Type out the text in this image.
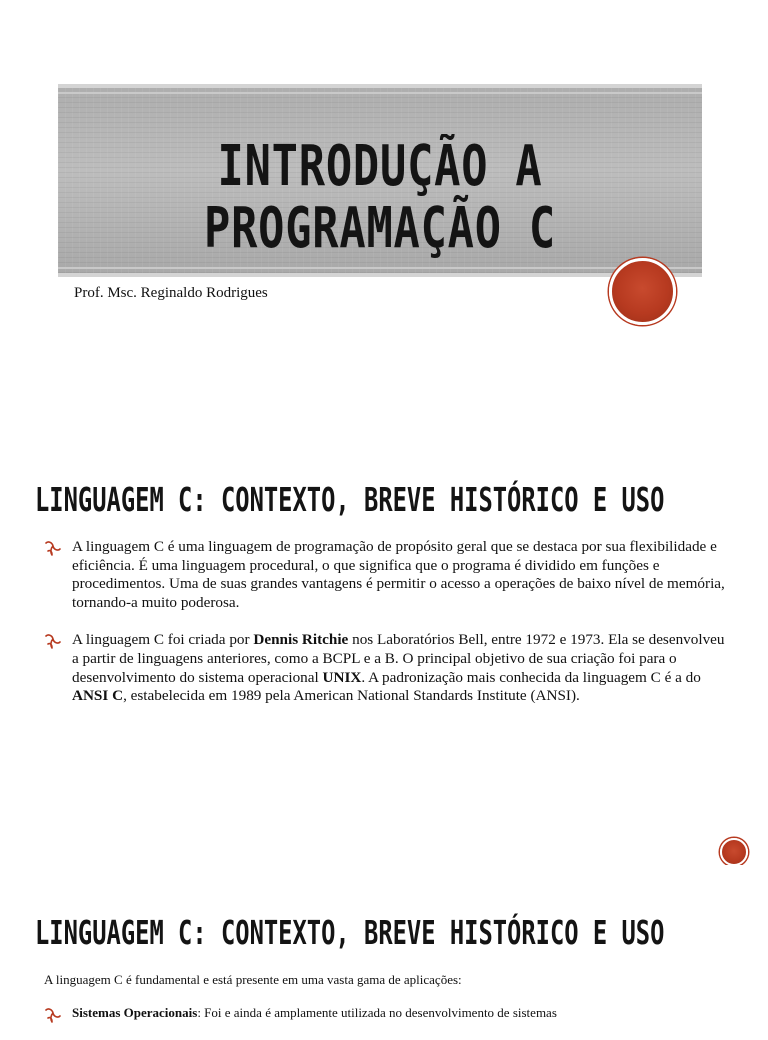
INTRODUÇÃO A
PROGRAMAÇÃO C
Prof. Msc. Reginaldo Rodrigues
LINGUAGEM C: CONTEXTO, BREVE HISTÓRICO E USO
A linguagem C é uma linguagem de programação de propósito geral que se destaca por sua flexibilidade e eficiência. É uma linguagem procedural, o que significa que o programa é dividido em funções e procedimentos. Uma de suas grandes vantagens é permitir o acesso a operações de baixo nível de memória, tornando-a muito poderosa.
A linguagem C foi criada por Dennis Ritchie nos Laboratórios Bell, entre 1972 e 1973. Ela se desenvolveu a partir de linguagens anteriores, como a BCPL e a B. O principal objetivo de sua criação foi para o desenvolvimento do sistema operacional UNIX. A padronização mais conhecida da linguagem C é a do ANSI C, estabelecida em 1989 pela American National Standards Institute (ANSI).
LINGUAGEM C: CONTEXTO, BREVE HISTÓRICO E USO
A linguagem C é fundamental e está presente em uma vasta gama de aplicações:
Sistemas Operacionais: Foi e ainda é amplamente utilizada no desenvolvimento de sistemas
